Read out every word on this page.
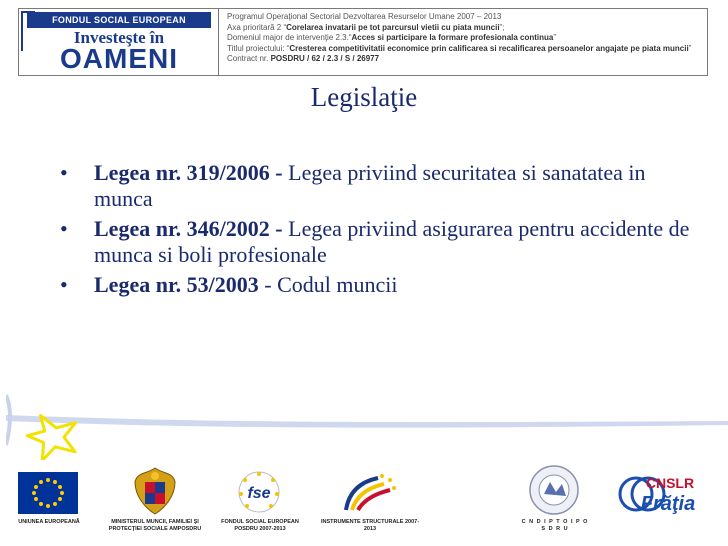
FONDUL SOCIAL EUROPEAN
Investeşte în
OAMENI
Programul Operaţional Sectorial Dezvoltarea Resurselor Umane 2007 – 2013
Axa prioritară 2 “Corelarea invatarii pe tot parcursul vietii cu piata muncii”;
Domeniul major de intervenţie 2.3.“Acces si participare la formare profesionala continua”
Titlul proiectului: “Cresterea competitivitatii economice prin calificarea si recalificarea persoanelor angajate pe piata muncii”
Contract nr. POSDRU / 62 / 2.3 / S / 26977
Legislaţie
• Legea nr. 319/2006 - Legea priviind securitatea si sanatatea in munca
• Legea nr. 346/2002 - Legea priviind asigurarea pentru accidente de munca si boli profesionale
• Legea nr. 53/2003 - Codul muncii
UNIUNEA EUROPEANĂ	MINISTERUL MUNCII, FAMILIEI ŞI PROTECŢIEI SOCIALE AMPOSDRU
fse
FONDUL SOCIAL EUROPEAN POSDRU 2007-2013
INSTRUMENTE STRUCTURALE 2007-2013
C N D I P T O I P O S D R U
CNSLR
Frăţia
